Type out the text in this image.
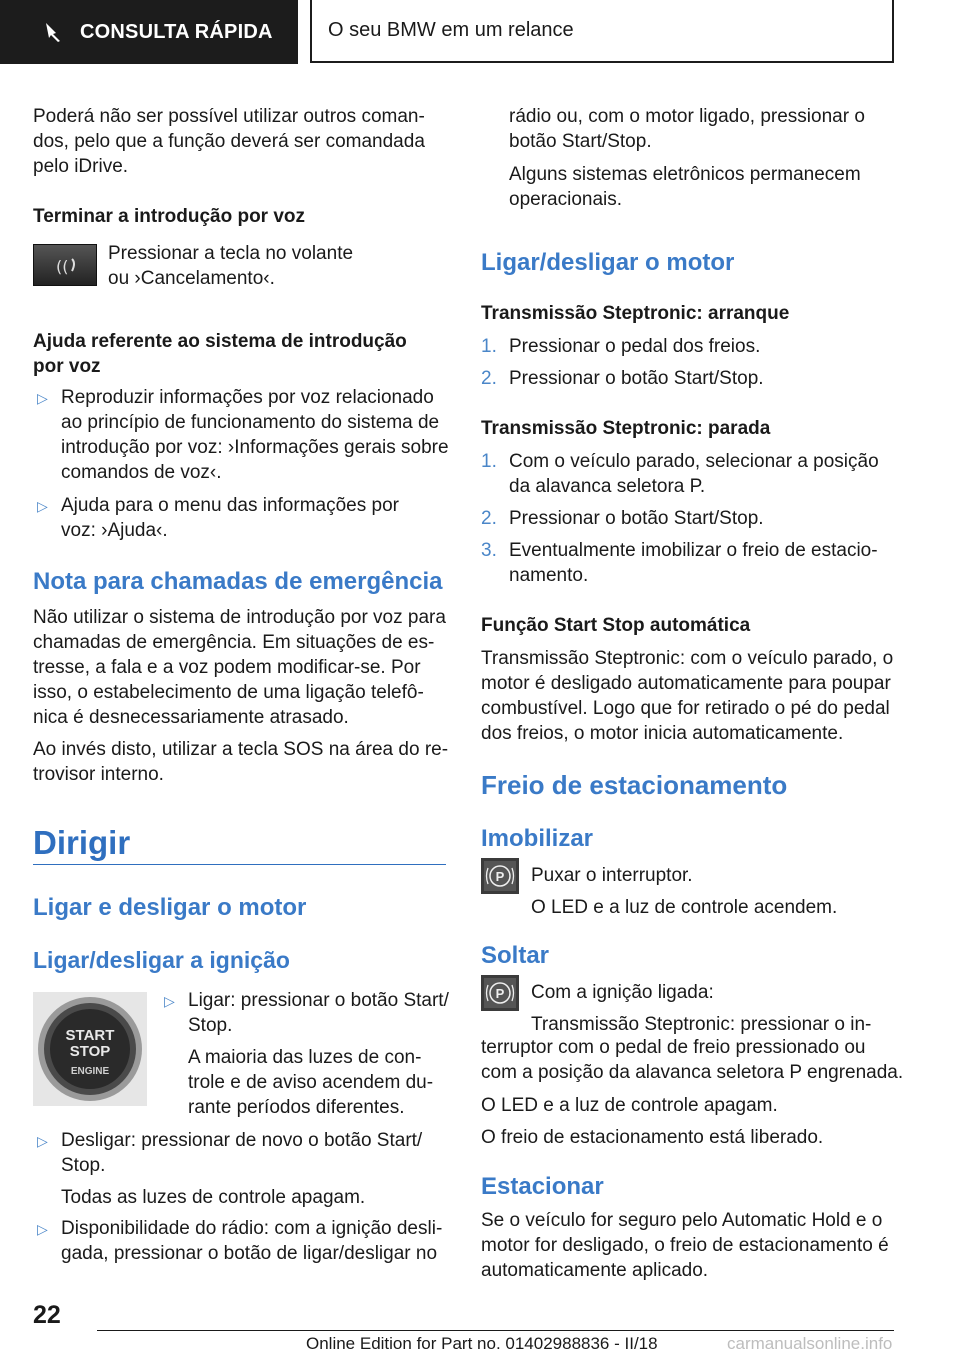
CONSULTA RÁPIDA	O seu BMW em um relance
Poderá não ser possível utilizar outros coman-
dos, pelo que a função deverá ser comandada
pelo iDrive.
Terminar a introdução por voz
((
Pressionar a tecla no volante
ou ›Cancelamento‹.
Ajuda referente ao sistema de introdução
por voz
▷ Reproduzir informações por voz relacionado
ao princípio de funcionamento do sistema de
introdução por voz: ›Informações gerais sobre
comandos de voz‹.
▷ Ajuda para o menu das informações por
voz: ›Ajuda‹.
Nota para chamadas de emergência
Não utilizar o sistema de introdução por voz para
chamadas de emergência. Em situações de es-
tresse, a fala e a voz podem modificar-se. Por
isso, o estabelecimento de uma ligação telefô-
nica é desnecessariamente atrasado.
Ao invés disto, utilizar a tecla SOS na área do re-
trovisor interno.
Dirigir
Ligar e desligar o motor
Ligar/desligar a ignição
START
STOP
ENGINE
▷ Ligar: pressionar o botão Start/
Stop.
A maioria das luzes de con-
trole e de aviso acendem du-
rante períodos diferentes.
▷ Desligar: pressionar de novo o botão Start/
Stop.
Todas as luzes de controle apagam.
▷ Disponibilidade do rádio: com a ignição desli-
gada, pressionar o botão de ligar/desligar no
rádio ou, com o motor ligado, pressionar o
botão Start/Stop.
Alguns sistemas eletrônicos permanecem
operacionais.
Ligar/desligar o motor
Transmissão Steptronic: arranque
1. Pressionar o pedal dos freios.
2. Pressionar o botão Start/Stop.
Transmissão Steptronic: parada
1. Com o veículo parado, selecionar a posição
da alavanca seletora P.
2. Pressionar o botão Start/Stop.
3. Eventualmente imobilizar o freio de estacio-
namento.
Função Start Stop automática
Transmissão Steptronic: com o veículo parado, o
motor é desligado automaticamente para poupar
combustível. Logo que for retirado o pé do pedal
dos freios, o motor inicia automaticamente.
Freio de estacionamento
Imobilizar
P Puxar o interruptor.
O LED e a luz de controle acendem.
Soltar
P Com a ignição ligada:
Transmissão Steptronic: pressionar o in-
terruptor com o pedal de freio pressionado ou
com a posição da alavanca seletora P engrenada.
O LED e a luz de controle apagam.
O freio de estacionamento está liberado.
Estacionar
Se o veículo for seguro pelo Automatic Hold e o
motor for desligado, o freio de estacionamento é
automaticamente aplicado.
22
Online Edition for Part no. 01402988836 - II/18	carmanualsonline.info
